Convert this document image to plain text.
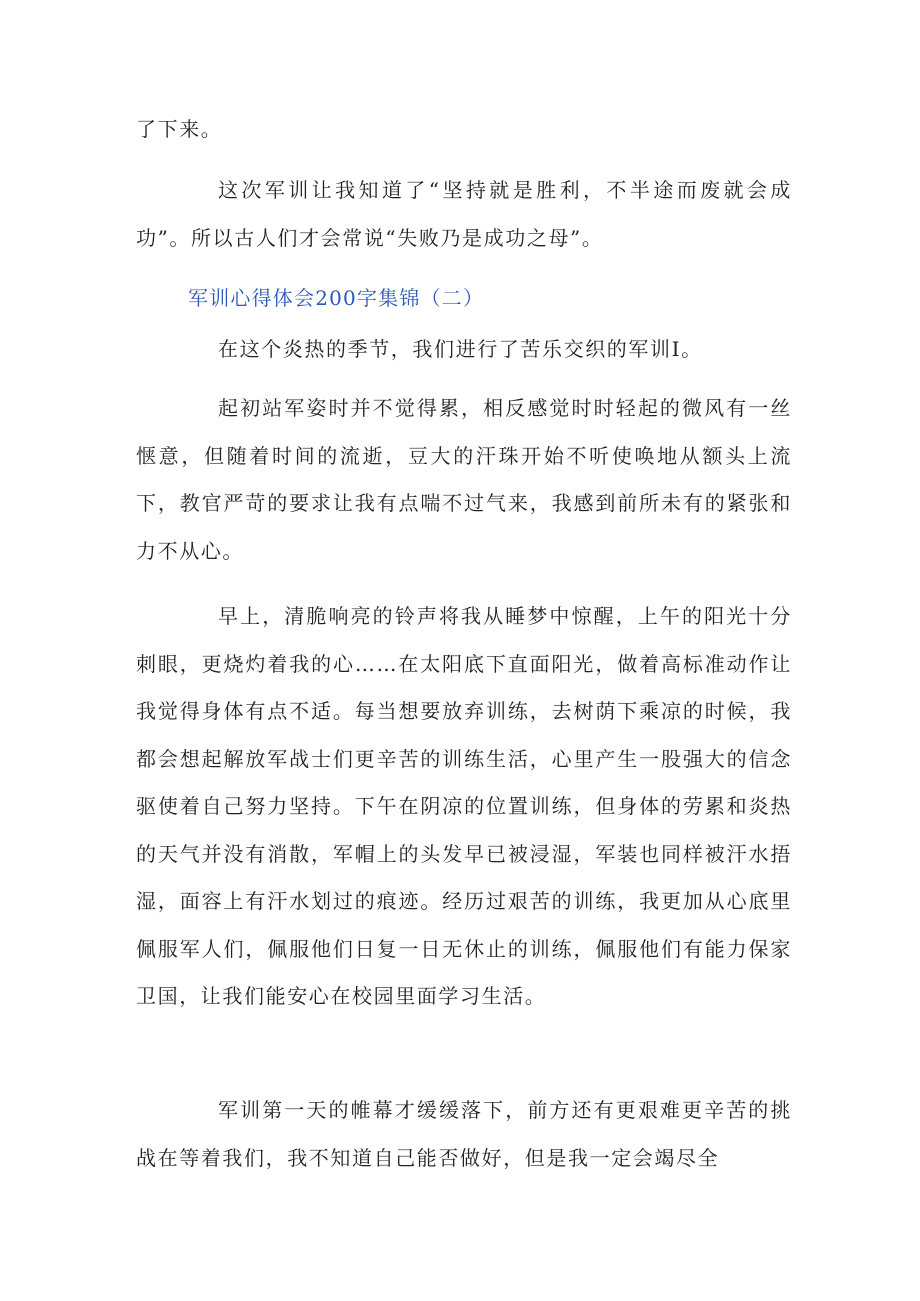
了下来。

这次军训让我知道了“坚持就是胜利，不半途而废就会成功”。所以古人们才会常说“失败乃是成功之母”。

军训心得体会200字集锦（二）

在这个炎热的季节，我们进行了苦乐交织的军训I。

起初站军姿时并不觉得累，相反感觉时时轻起的微风有一丝惬意，但随着时间的流逝，豆大的汗珠开始不听使唤地从额头上流下，教官严苛的要求让我有点喘不过气来，我感到前所未有的紧张和力不从心。

早上，清脆响亮的铃声将我从睡梦中惊醒，上午的阳光十分刺眼，更烧灼着我的心……在太阳底下直面阳光，做着高标准动作让我觉得身体有点不适。每当想要放弃训练，去树荫下乘凉的时候，我都会想起解放军战士们更辛苦的训练生活，心里产生一股强大的信念驱使着自己努力坚持。下午在阴凉的位置训练，但身体的劳累和炎热的天气并没有消散，军帽上的头发早已被浸湿，军装也同样被汗水捂湿，面容上有汗水划过的痕迹。经历过艰苦的训练，我更加从心底里佩服军人们，佩服他们日复一日无休止的训练，佩服他们有能力保家卫国，让我们能安心在校园里面学习生活。

军训第一天的帷幕才缓缓落下，前方还有更艰难更辛苦的挑战在等着我们，我不知道自己能否做好，但是我一定会竭尽全
